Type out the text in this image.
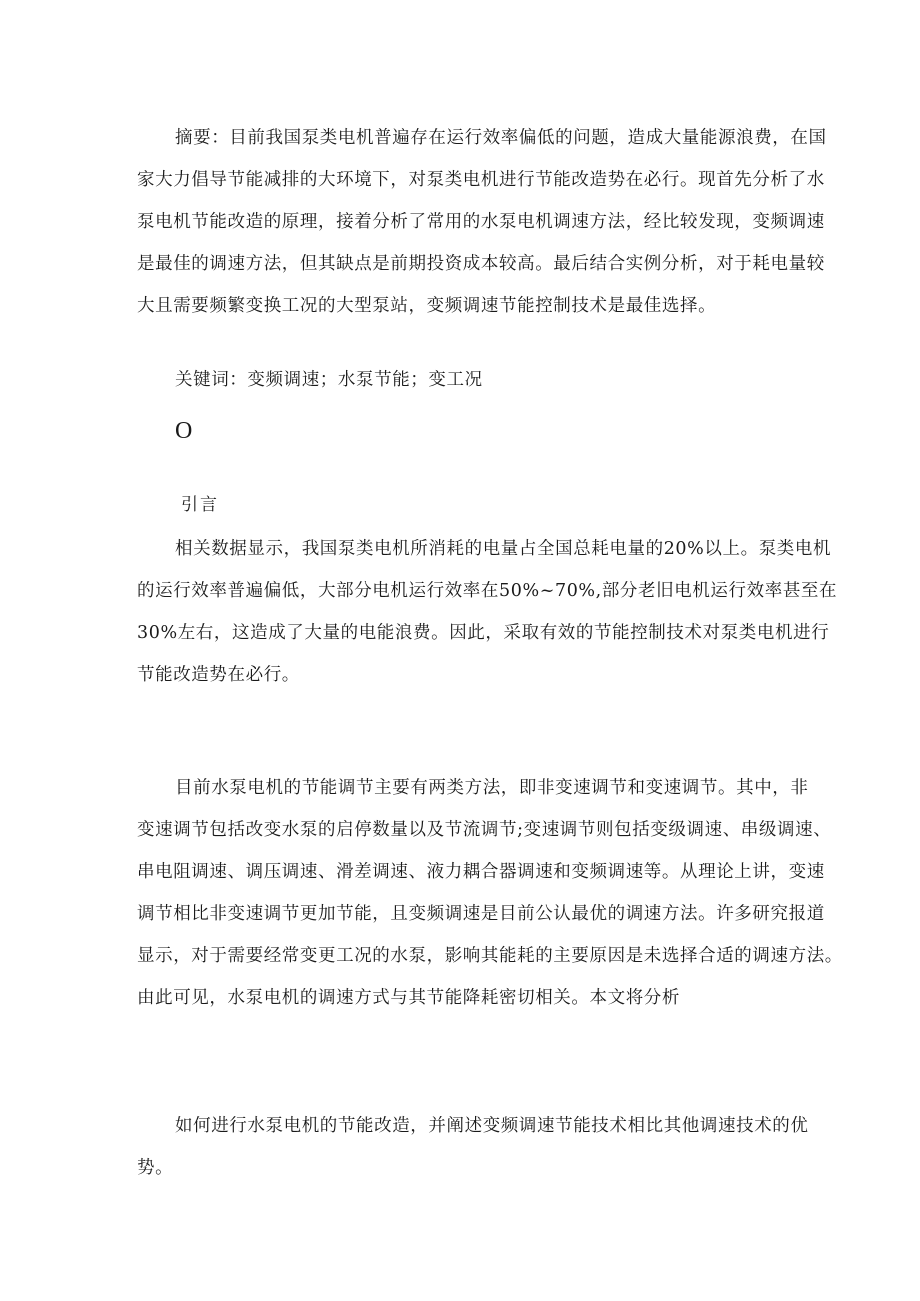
摘要：目前我国泵类电机普遍存在运行效率偏低的问题，造成大量能源浪费，在国
家大力倡导节能减排的大环境下，对泵类电机进行节能改造势在必行。现首先分析了水
泵电机节能改造的原理，接着分析了常用的水泵电机调速方法，经比较发现，变频调速
是最佳的调速方法，但其缺点是前期投资成本较高。最后结合实例分析，对于耗电量较
大且需要频繁变换工况的大型泵站，变频调速节能控制技术是最佳选择。
关键词：变频调速；水泵节能；变工况
O
引言
相关数据显示，我国泵类电机所消耗的电量占全国总耗电量的20%以上。泵类电机
的运行效率普遍偏低，大部分电机运行效率在50%~70%,部分老旧电机运行效率甚至在
30%左右，这造成了大量的电能浪费。因此，采取有效的节能控制技术对泵类电机进行
节能改造势在必行。
目前水泵电机的节能调节主要有两类方法，即非变速调节和变速调节。其中，非
变速调节包括改变水泵的启停数量以及节流调节;变速调节则包括变级调速、串级调速、
串电阻调速、调压调速、滑差调速、液力耦合器调速和变频调速等。从理论上讲，变速
调节相比非变速调节更加节能，且变频调速是目前公认最优的调速方法。许多研究报道
显示，对于需要经常变更工况的水泵，影响其能耗的主要原因是未选择合适的调速方法。
由此可见，水泵电机的调速方式与其节能降耗密切相关。本文将分析
如何进行水泵电机的节能改造，并阐述变频调速节能技术相比其他调速技术的优
势。
